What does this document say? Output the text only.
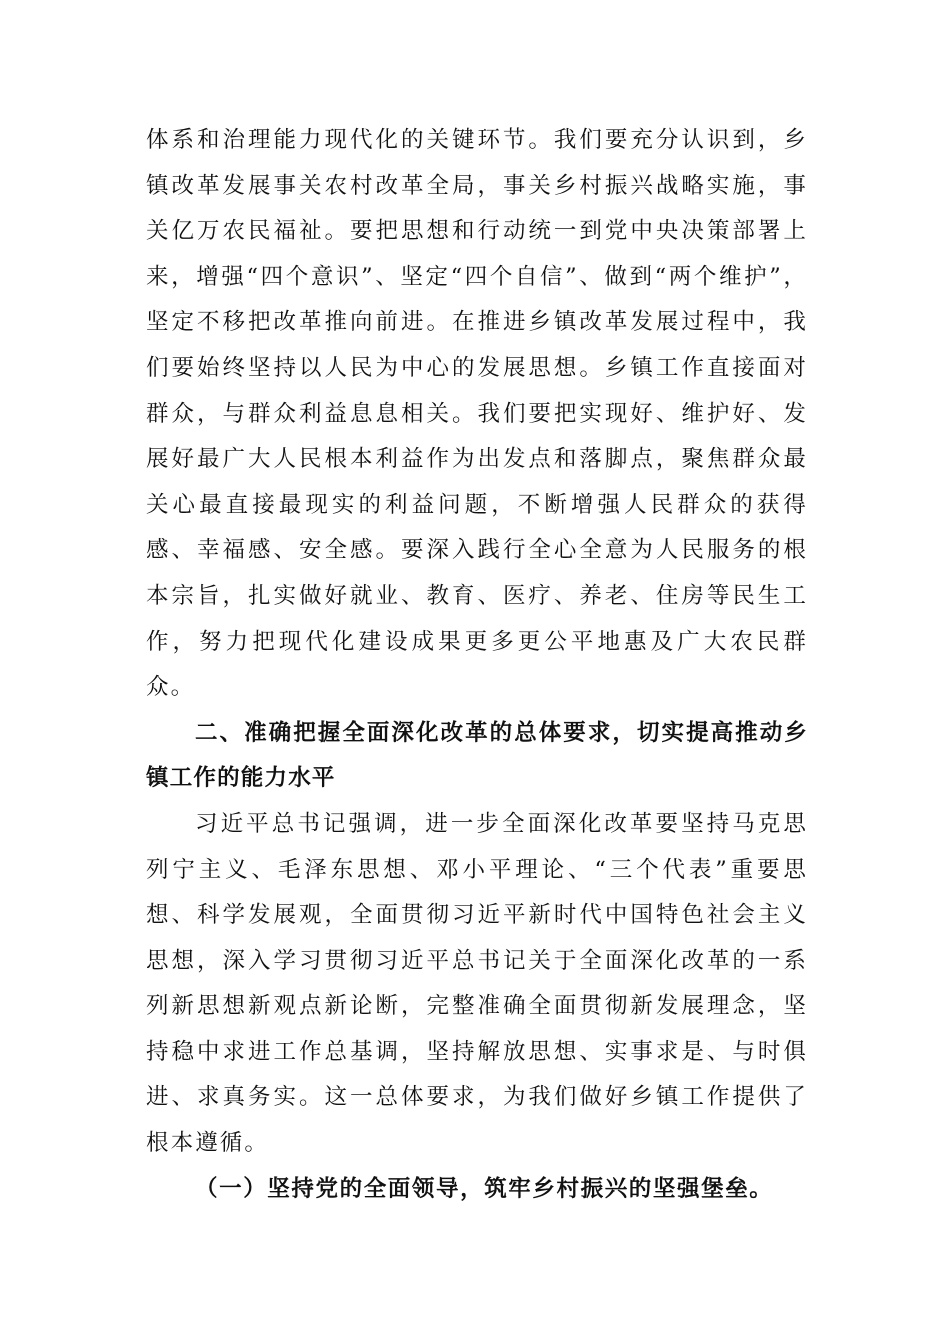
体系和治理能力现代化的关键环节。我们要充分认识到，乡镇改革发展事关农村改革全局，事关乡村振兴战略实施，事关亿万农民福祉。要把思想和行动统一到党中央决策部署上来，增强“四个意识”、坚定“四个自信”、做到“两个维护”，坚定不移把改革推向前进。在推进乡镇改革发展过程中，我们要始终坚持以人民为中心的发展思想。乡镇工作直接面对群众，与群众利益息息相关。我们要把实现好、维护好、发展好最广大人民根本利益作为出发点和落脚点，聚焦群众最关心最直接最现实的利益问题，不断增强人民群众的获得感、幸福感、安全感。要深入践行全心全意为人民服务的根本宗旨，扎实做好就业、教育、医疗、养老、住房等民生工作，努力把现代化建设成果更多更公平地惠及广大农民群众。

二、准确把握全面深化改革的总体要求，切实提高推动乡镇工作的能力水平

习近平总书记强调，进一步全面深化改革要坚持马克思列宁主义、毛泽东思想、邓小平理论、“三个代表”重要思想、科学发展观，全面贯彻习近平新时代中国特色社会主义思想，深入学习贯彻习近平总书记关于全面深化改革的一系列新思想新观点新论断，完整准确全面贯彻新发展理念，坚持稳中求进工作总基调，坚持解放思想、实事求是、与时俱进、求真务实。这一总体要求，为我们做好乡镇工作提供了根本遵循。

（一）坚持党的全面领导，筑牢乡村振兴的坚强堡垒。
